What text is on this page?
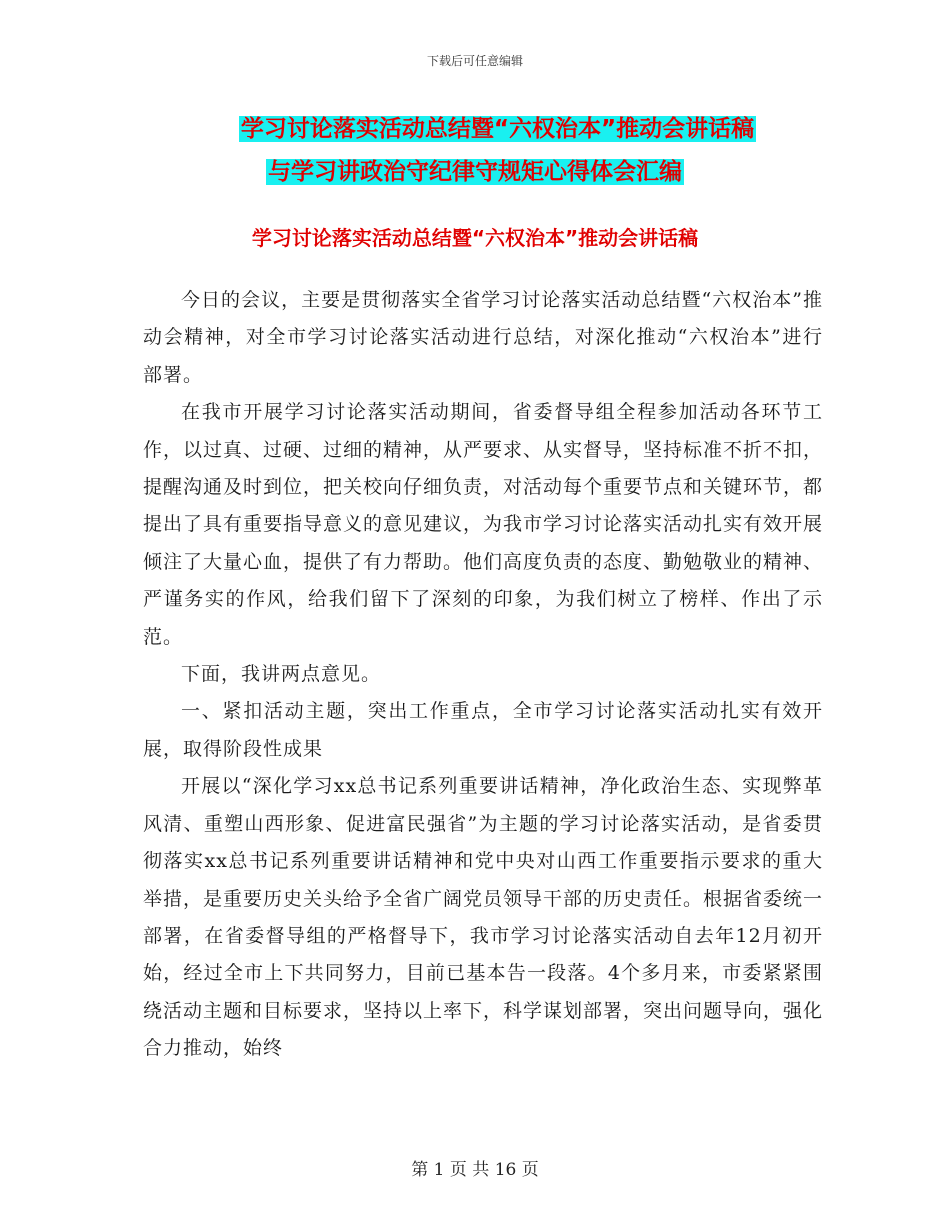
下载后可任意编辑
学习讨论落实活动总结暨“六权治本”推动会讲话稿
与学习讲政治守纪律守规矩心得体会汇编
学习讨论落实活动总结暨“六权治本”推动会讲话稿

今日的会议，主要是贯彻落实全省学习讨论落实活动总结暨“六权治本”推动会精神，对全市学习讨论落实活动进行总结，对深化推动“六权治本”进行部署。

在我市开展学习讨论落实活动期间，省委督导组全程参加活动各环节工作，以过真、过硬、过细的精神，从严要求、从实督导，坚持标准不折不扣，提醒沟通及时到位，把关校向仔细负责，对活动每个重要节点和关键环节，都提出了具有重要指导意义的意见建议，为我市学习讨论落实活动扎实有效开展倾注了大量心血，提供了有力帮助。他们高度负责的态度、勤勉敬业的精神、严谨务实的作风，给我们留下了深刻的印象，为我们树立了榜样、作出了示范。

下面，我讲两点意见。

一、紧扣活动主题，突出工作重点，全市学习讨论落实活动扎实有效开展，取得阶段性成果

开展以“深化学习xx总书记系列重要讲话精神，净化政治生态、实现弊革风清、重塑山西形象、促进富民强省”为主题的学习讨论落实活动，是省委贯彻落实xx总书记系列重要讲话精神和党中央对山西工作重要指示要求的重大举措，是重要历史关头给予全省广阔党员领导干部的历史责任。根据省委统一部署，在省委督导组的严格督导下，我市学习讨论落实活动自去年12月初开始，经过全市上下共同努力，目前已基本告一段落。4个多月来，市委紧紧围绕活动主题和目标要求，坚持以上率下，科学谋划部署，突出问题导向，强化合力推动，始终

第 1 页 共 16 页
